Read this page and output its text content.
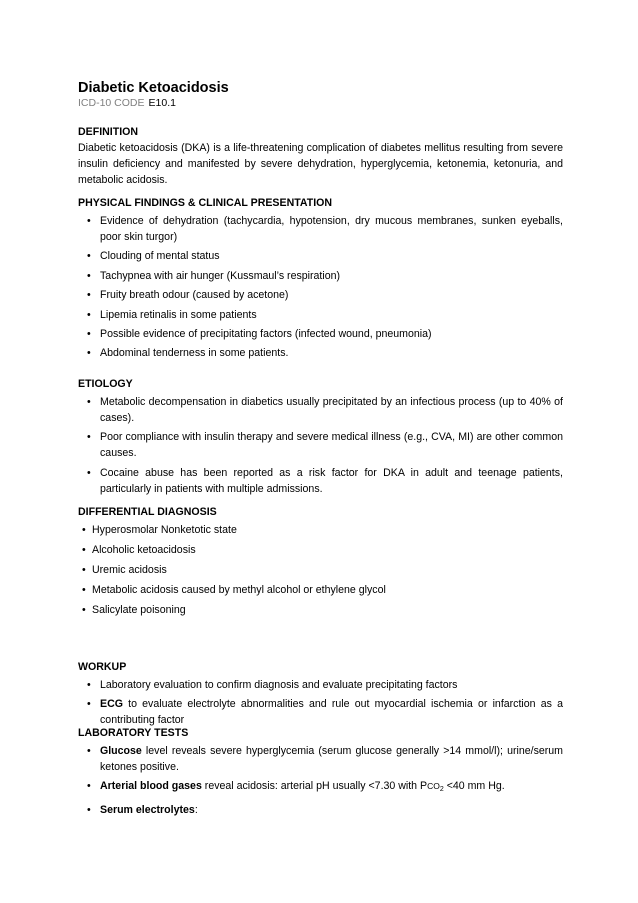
Diabetic Ketoacidosis
ICD-10 CODE E10.1

DEFINITION

Diabetic ketoacidosis (DKA) is a life-threatening complication of diabetes mellitus resulting from severe insulin deficiency and manifested by severe dehydration, hyperglycemia, ketonemia, ketonuria, and metabolic acidosis.

PHYSICAL FINDINGS & CLINICAL PRESENTATION

• Evidence of dehydration (tachycardia, hypotension, dry mucous membranes, sunken eyeballs, poor skin turgor)
• Clouding of mental status
• Tachypnea with air hunger (Kussmaul’s respiration)
• Fruity breath odour (caused by acetone)
• Lipemia retinalis in some patients
• Possible evidence of precipitating factors (infected wound, pneumonia)
• Abdominal tenderness in some patients.

ETIOLOGY

• Metabolic decompensation in diabetics usually precipitated by an infectious process (up to 40% of cases).
• Poor compliance with insulin therapy and severe medical illness (e.g., CVA, MI) are other common causes.
• Cocaine abuse has been reported as a risk factor for DKA in adult and teenage patients, particularly in patients with multiple admissions.

DIFFERENTIAL DIAGNOSIS

• Hyperosmolar Nonketotic state
• Alcoholic ketoacidosis
• Uremic acidosis
• Metabolic acidosis caused by methyl alcohol or ethylene glycol
• Salicylate poisoning

WORKUP

• Laboratory evaluation to confirm diagnosis and evaluate precipitating factors
• ECG to evaluate electrolyte abnormalities and rule out myocardial ischemia or infarction as a contributing factor

LABORATORY TESTS

• Glucose level reveals severe hyperglycemia (serum glucose generally >14 mmol/l); urine/serum ketones positive.
• Arterial blood gases reveal acidosis: arterial pH usually <7.30 with $PCO_2 <40$ mm Hg.
• Serum electrolytes:
